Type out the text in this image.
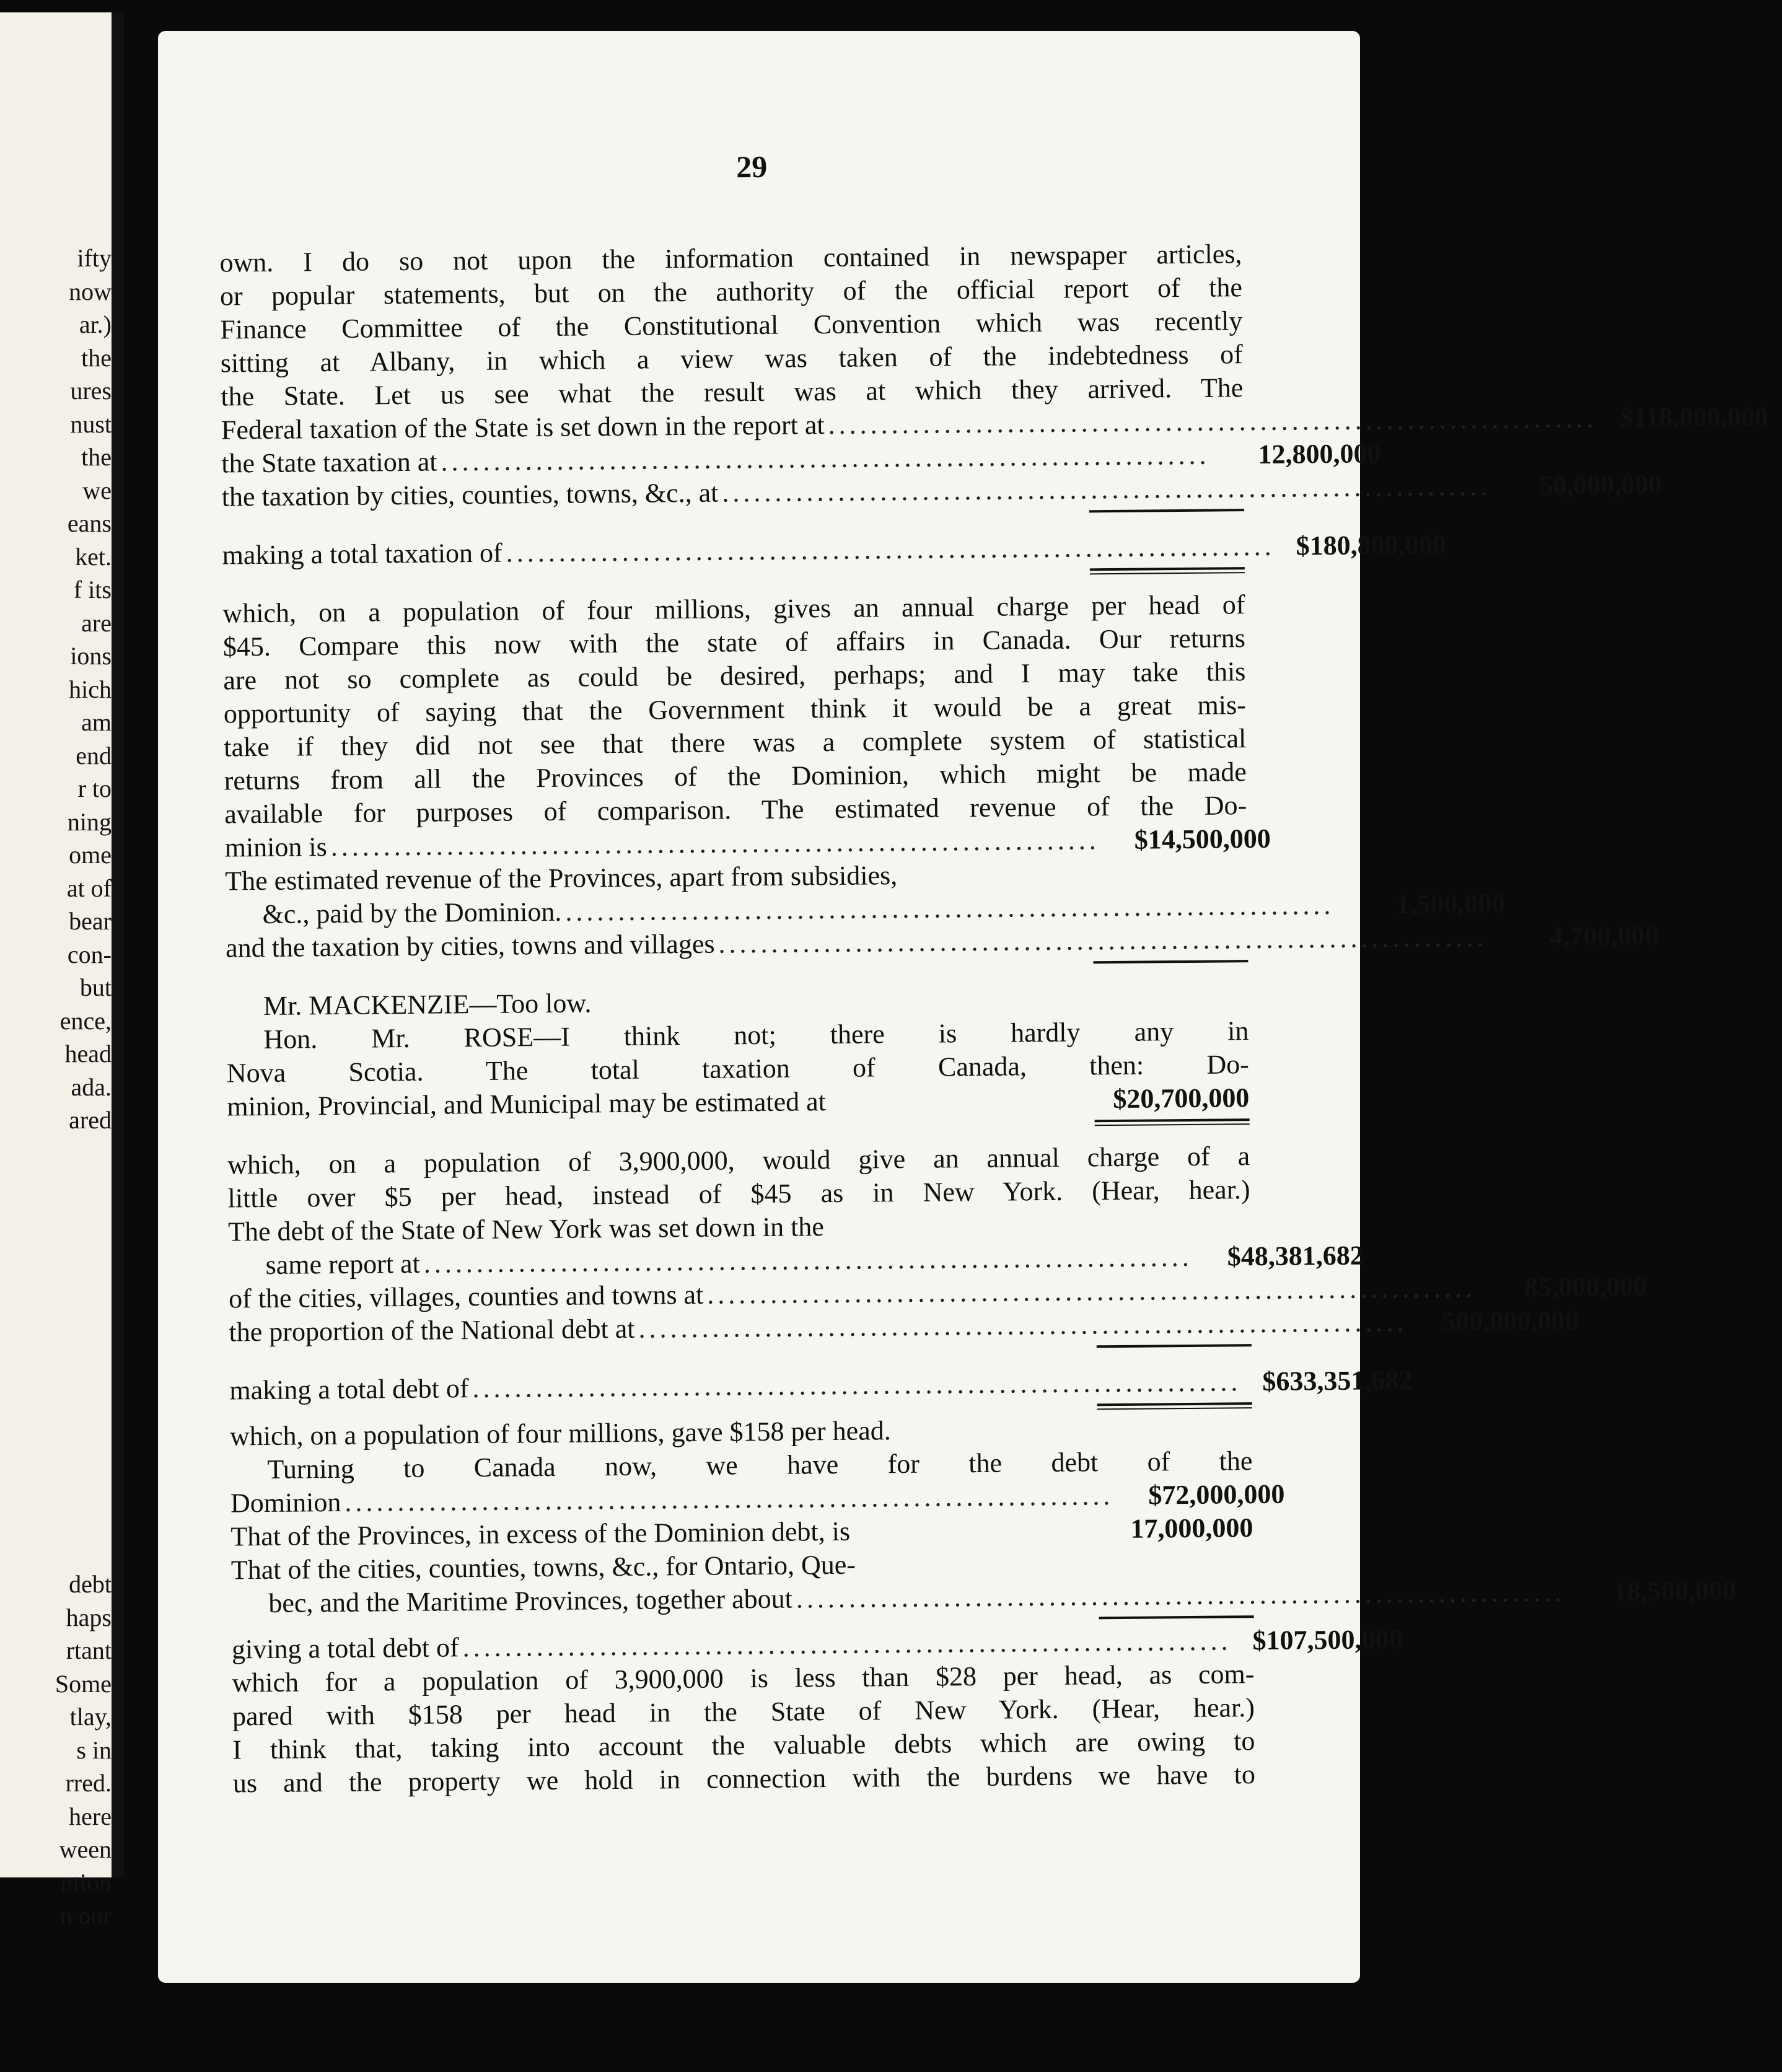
ifty
now
ar.)
the
ures
nust
the
we
eans
ket.
f its
are
ions
hich
am
end
r to
ning
ome
at of
bear
con-
but
ence,
head
ada.
ared
debt
haps
rtant
Some
tlay,
s in
rred.
here
ween
ntion
n our
29
own. I do so not upon the information contained in newspaper articles,
or popular statements, but on the authority of the official report of the
Finance Committee of the Constitutional Convention which was recently
sitting at Albany, in which a view was taken of the indebtedness of
the State. Let us see what the result was at which they arrived. The
Federal taxation of the State is set down in the report at ......................................................................... $118,000,000
the State taxation at .........................................................................	12,800,000
the taxation by cities, counties, towns, &c., at .........................................................................	50,000,000
making a total taxation of ......................................................................... $180,800,000
which, on a population of four millions, gives an annual charge per head of
$45. Compare this now with the state of affairs in Canada. Our returns
are not so complete as could be desired, perhaps; and I may take this
opportunity of saying that the Government think it would be a great mis-
take if they did not see that there was a complete system of statistical
returns from all the Provinces of the Dominion, which might be made
available for purposes of comparison. The estimated revenue of the Do-
minion is .........................................................................	$14,500,000
The estimated revenue of the Provinces, apart from subsidies,
&c., paid by the Dominion. .........................................................................	1,500,000
and the taxation by cities, towns and villages .........................................................................	4,700,000
Mr. MACKENZIE—Too low.
Hon. Mr. ROSE—I think not; there is hardly any in
Nova Scotia. The total taxation of Canada, then: Do-
minion, Provincial, and Municipal may be estimated at	$20,700,000
which, on a population of 3,900,000, would give an annual charge of a
little over $5 per head, instead of $45 as in New York. (Hear, hear.)
The debt of the State of New York was set down in the
same report at .........................................................................	$48,381,682
of the cities, villages, counties and towns at .........................................................................	85,000,000
the proportion of the National debt at .........................................................................	500,000,000
making a total debt of ......................................................................... $633,351,682
which, on a population of four millions, gave $158 per head.
Turning to Canada now, we have for the debt of the
Dominion .........................................................................	$72,000,000
That of the Provinces, in excess of the Dominion debt, is	17,000,000
That of the cities, counties, towns, &c., for Ontario, Que-
bec, and the Maritime Provinces, together about .........................................................................	18,500,000
giving a total debt of ......................................................................... $107,500,000
which for a population of 3,900,000 is less than $28 per head, as com-
pared with $158 per head in the State of New York. (Hear, hear.)
I think that, taking into account the valuable debts which are owing to
us and the property we hold in connection with the burdens we have to
